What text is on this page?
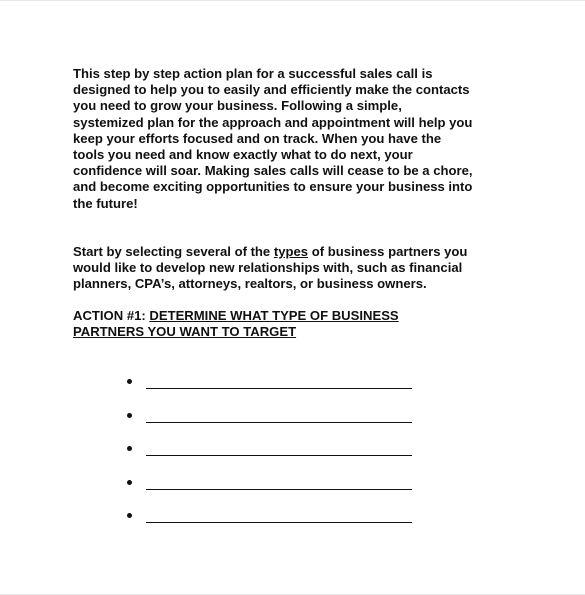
This step by step action plan for a successful sales call is
designed to help you to easily and efficiently make the contacts
you need to grow your business. Following a simple,
systemized plan for the approach and appointment will help you
keep your efforts focused and on track. When you have the
tools you need and know exactly what to do next, your
confidence will soar. Making sales calls will cease to be a chore,
and become exciting opportunities to ensure your business into
the future!

Start by selecting several of the types of business partners you
would like to develop new relationships with, such as financial
planners, CPA’s, attorneys, realtors, or business owners.

ACTION #1: DETERMINE WHAT TYPE OF BUSINESS
PARTNERS YOU WANT TO TARGET
